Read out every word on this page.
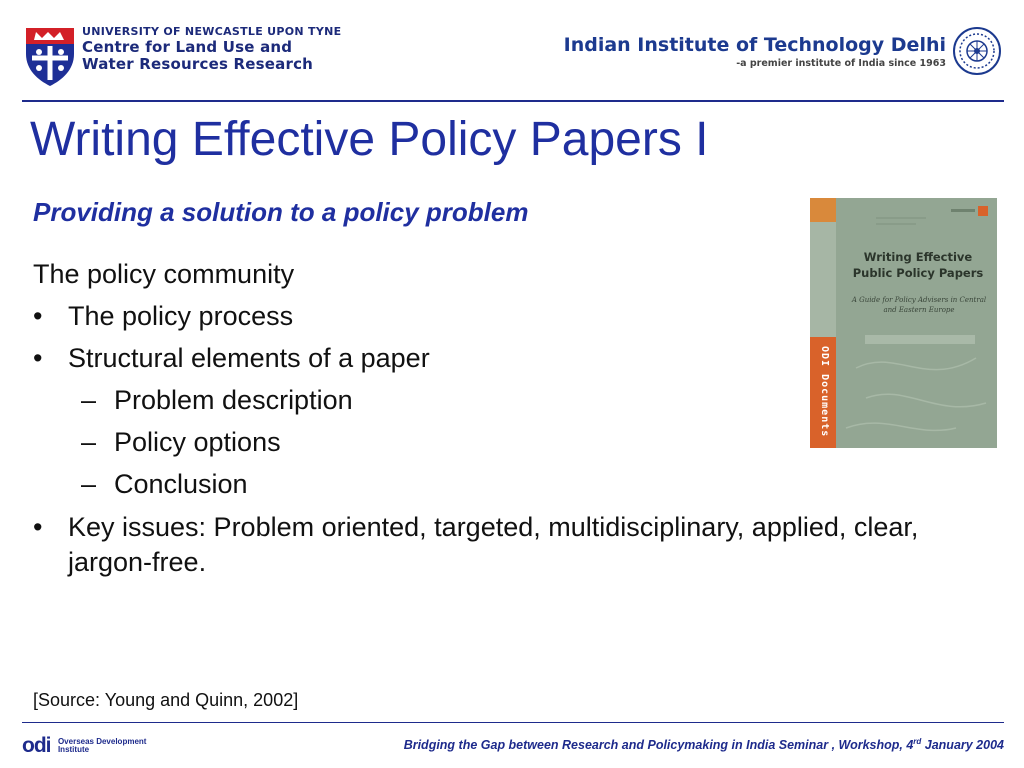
UNIVERSITY OF NEWCASTLE UPON TYNE
Centre for Land Use and
Water Resources Research
Indian Institute of Technology Delhi
-a premier institute of India since 1963
Writing Effective Policy Papers I
Providing a solution to a policy problem
The policy community
• The policy process
• Structural elements of a paper
– Problem description
– Policy options
– Conclusion
• Key issues: Problem oriented, targeted, multidisciplinary, applied, clear, jargon-free.
[Source: Young and Quinn, 2002]
ODI Documents
Writing Effective Public Policy Papers
A Guide for Policy Advisers in Central and Eastern Europe
odi Overseas Development
Institute	Bridging the Gap between Research and Policymaking in India Seminar , Workshop, 4rd January 2004
